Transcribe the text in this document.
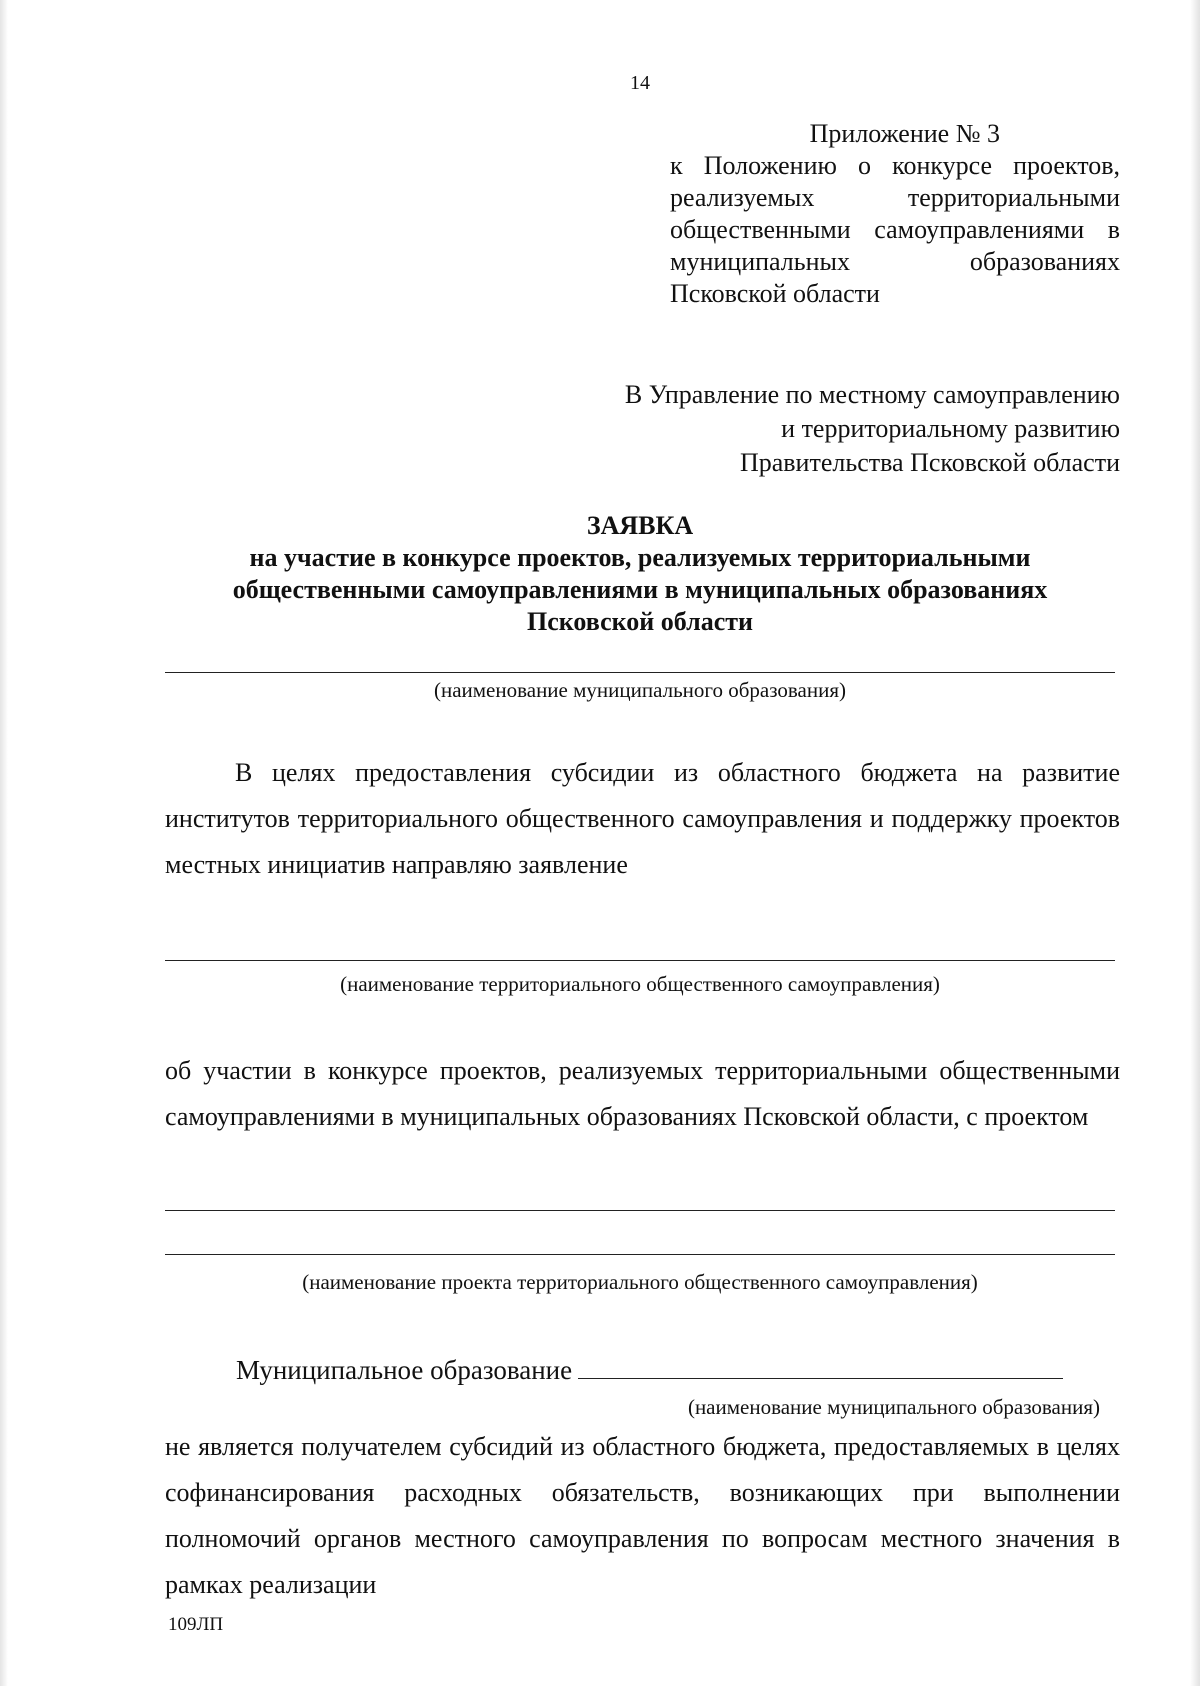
14
Приложение № 3
к Положению о конкурсе проектов, реализуемых территориальными общественными самоуправлениями в муниципальных образованиях Псковской области
В Управление по местному самоуправлению
и территориальному развитию
Правительства Псковской области
ЗАЯВКА
на участие в конкурсе проектов, реализуемых территориальными
общественными самоуправлениями в муниципальных образованиях
Псковской области
(наименование муниципального образования)
В целях предоставления субсидии из областного бюджета на развитие институтов территориального общественного самоуправления и поддержку проектов местных инициатив направляю заявление
(наименование территориального общественного самоуправления)
об участии в конкурсе проектов, реализуемых территориальными общественными самоуправлениями в муниципальных образованиях Псковской области, с проектом
(наименование проекта территориального общественного самоуправления)
Муниципальное образование
(наименование муниципального образования)
не является получателем субсидий из областного бюджета, предоставляемых в целях софинансирования расходных обязательств, возникающих при выполнении полномочий органов местного самоуправления по вопросам местного значения в рамках реализации
109ЛП
